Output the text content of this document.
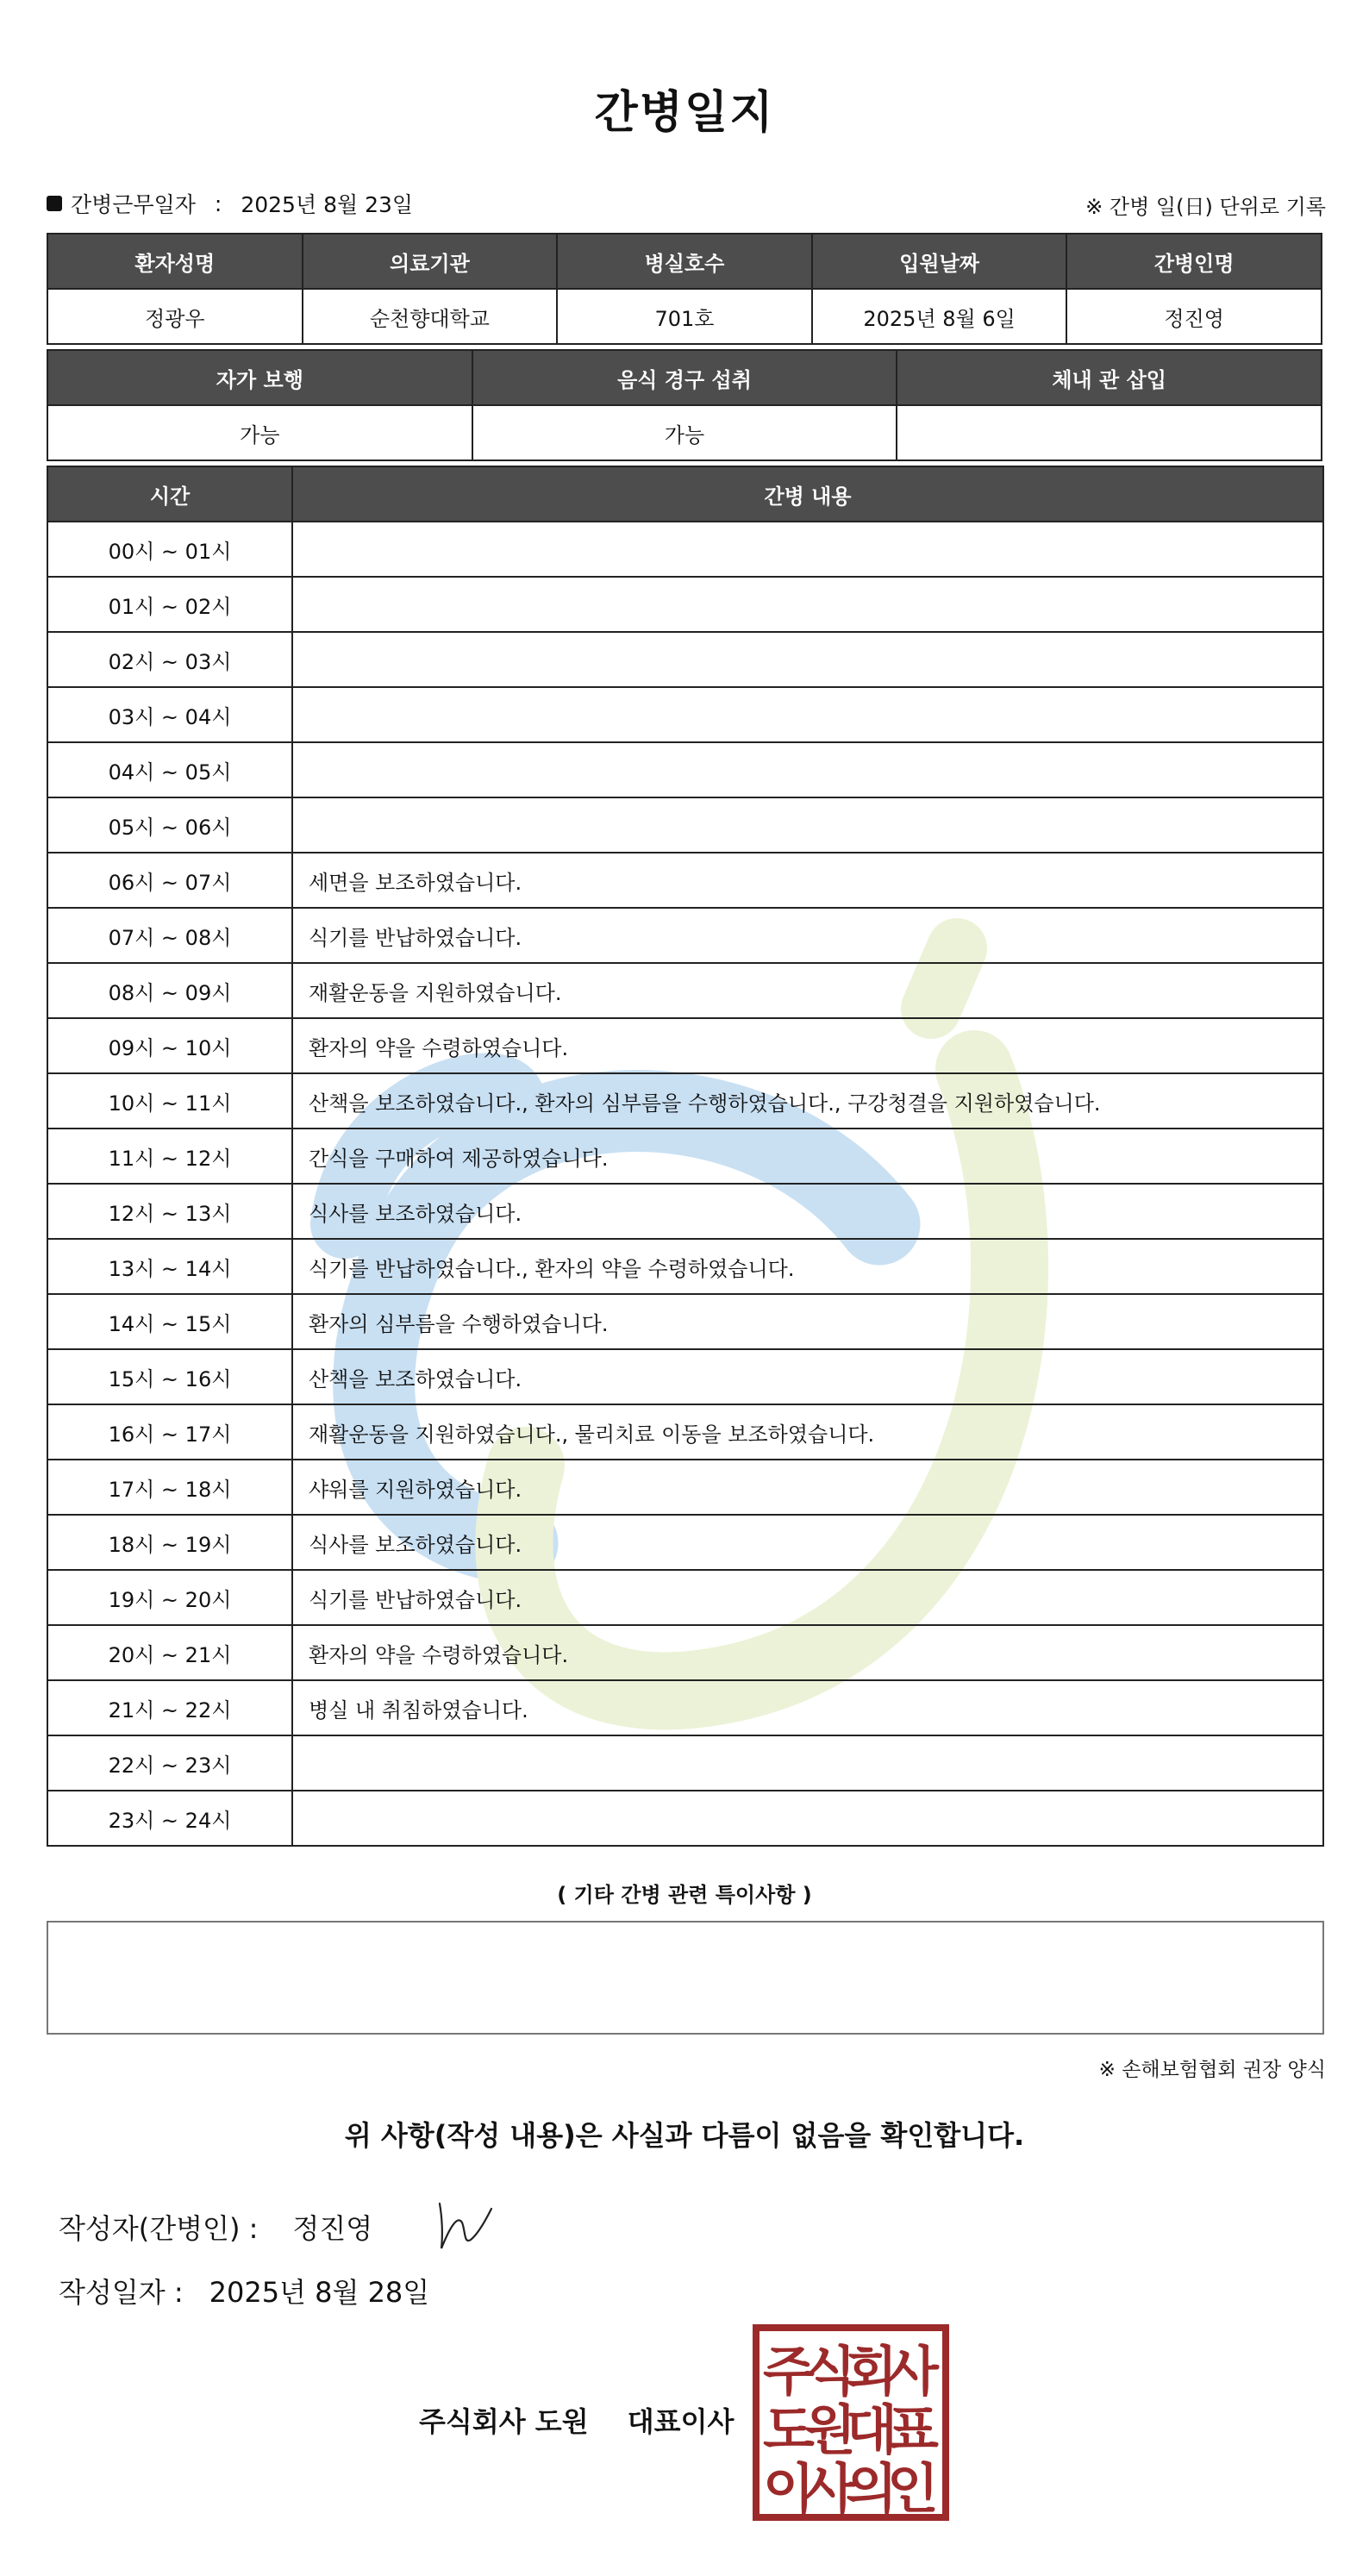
간병일지
간병근무일자 : 2025년 8월 23일	※ 간병 일(日) 단위로 기록
환자성명	의료기관	병실호수	입원날짜	간병인명
정광우	순천향대학교	701호	2025년 8월 6일	정진영
자가 보행	음식 경구 섭취	체내 관 삽입
가능	가능	
시간	간병 내용
00시 ~ 01시	
01시 ~ 02시	
02시 ~ 03시	
03시 ~ 04시	
04시 ~ 05시	
05시 ~ 06시	
06시 ~ 07시	세면을 보조하였습니다.
07시 ~ 08시	식기를 반납하였습니다.
08시 ~ 09시	재활운동을 지원하였습니다.
09시 ~ 10시	환자의 약을 수령하였습니다.
10시 ~ 11시	산책을 보조하였습니다., 환자의 심부름을 수행하였습니다., 구강청결을 지원하였습니다.
11시 ~ 12시	간식을 구매하여 제공하였습니다.
12시 ~ 13시	식사를 보조하였습니다.
13시 ~ 14시	식기를 반납하였습니다., 환자의 약을 수령하였습니다.
14시 ~ 15시	환자의 심부름을 수행하였습니다.
15시 ~ 16시	산책을 보조하였습니다.
16시 ~ 17시	재활운동을 지원하였습니다., 물리치료 이동을 보조하였습니다.
17시 ~ 18시	샤워를 지원하였습니다.
18시 ~ 19시	식사를 보조하였습니다.
19시 ~ 20시	식기를 반납하였습니다.
20시 ~ 21시	환자의 약을 수령하였습니다.
21시 ~ 22시	병실 내 취침하였습니다.
22시 ~ 23시	
23시 ~ 24시	
( 기타 간병 관련 특이사항 )
※ 손해보험협회 권장 양식
위 사항(작성 내용)은 사실과 다름이 없음을 확인합니다.
작성자(간병인) : 정진영
작성일자 : 2025년 8월 28일
주식회사 도원 대표이사
주
식
회
사
도
원
대
표
이
사
의
인
